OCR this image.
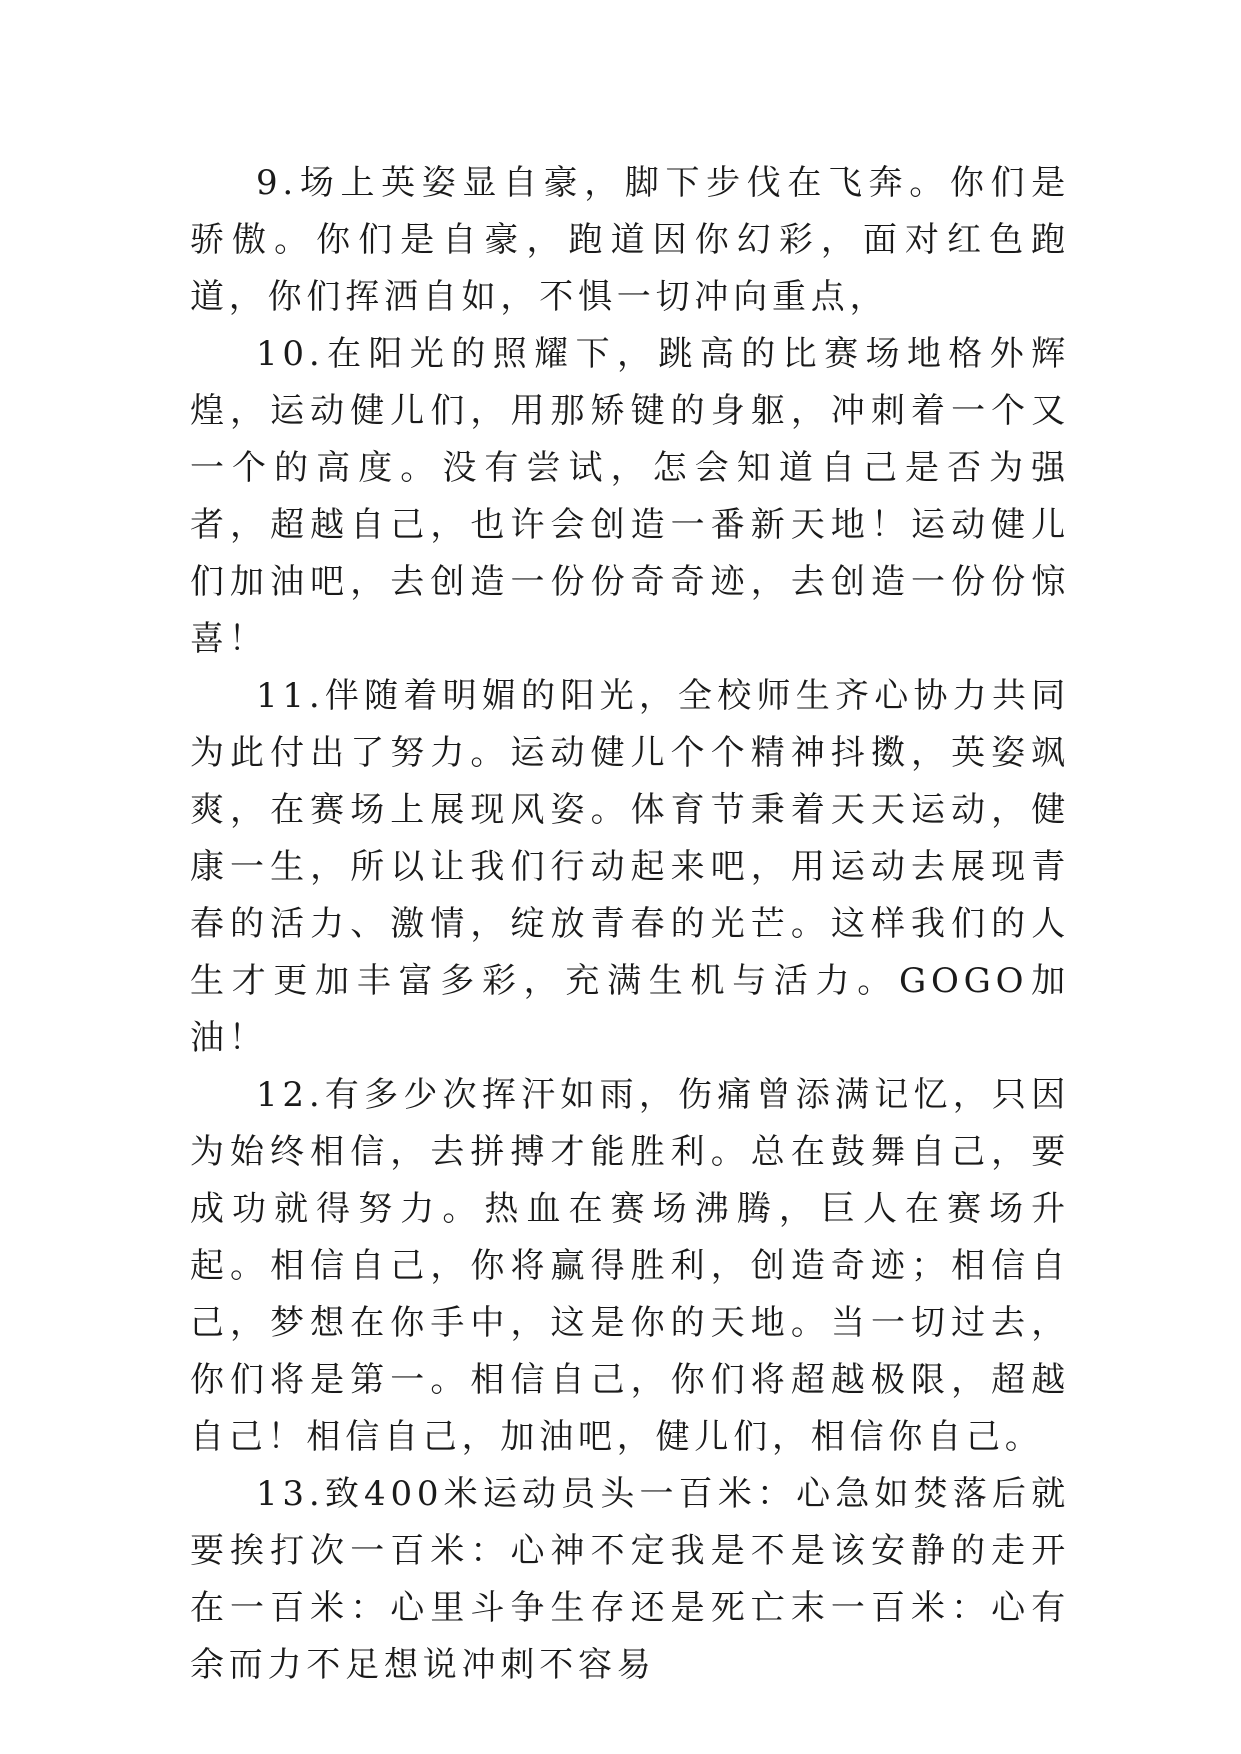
9.场上英姿显自豪，脚下步伐在飞奔。你们是骄傲。你们是自豪，跑道因你幻彩，面对红色跑道，你们挥洒自如，不惧一切冲向重点，

10.在阳光的照耀下，跳高的比赛场地格外辉煌，运动健儿们，用那矫键的身躯，冲刺着一个又一个的高度。没有尝试，怎会知道自己是否为强者，超越自己，也许会创造一番新天地！运动健儿们加油吧，去创造一份份奇奇迹，去创造一份份惊喜！

11.伴随着明媚的阳光，全校师生齐心协力共同为此付出了努力。运动健儿个个精神抖擞，英姿飒爽，在赛场上展现风姿。体育节秉着天天运动，健康一生，所以让我们行动起来吧，用运动去展现青春的活力、激情，绽放青春的光芒。这样我们的人生才更加丰富多彩，充满生机与活力。GOGO加油！

12.有多少次挥汗如雨，伤痛曾添满记忆，只因为始终相信，去拼搏才能胜利。总在鼓舞自己，要成功就得努力。热血在赛场沸腾，巨人在赛场升起。相信自己，你将赢得胜利，创造奇迹；相信自己，梦想在你手中，这是你的天地。当一切过去，你们将是第一。相信自己，你们将超越极限，超越自己！相信自己，加油吧，健儿们，相信你自己。

13.致400米运动员头一百米：心急如焚落后就要挨打次一百米：心神不定我是不是该安静的走开在一百米：心里斗争生存还是死亡末一百米：心有余而力不足想说冲刺不容易
